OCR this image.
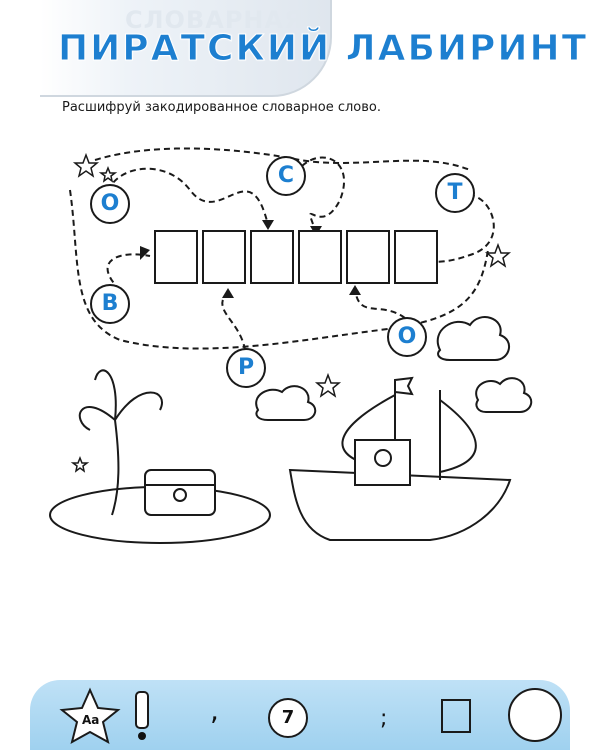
СЛОВАРНАЯ
ПИРАТСКИЙ ЛАБИРИНТ
Расшифруй закодированное словарное слово.
О
С
Т
В
О
Р
Aa	,	;
7
